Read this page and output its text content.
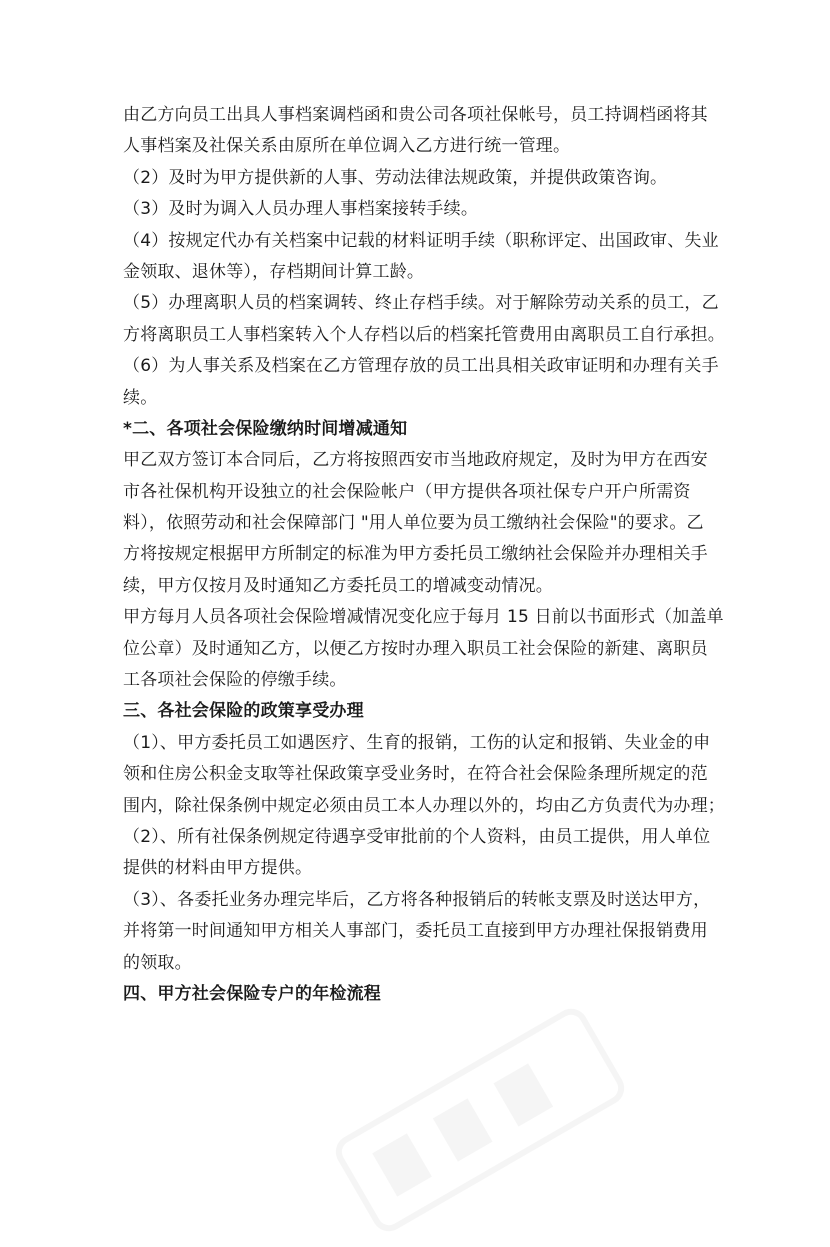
由乙方向员工出具人事档案调档函和贵公司各项社保帐号，员工持调档函将其
人事档案及社保关系由原所在单位调入乙方进行统一管理。
（2）及时为甲方提供新的人事、劳动法律法规政策，并提供政策咨询。
（3）及时为调入人员办理人事档案接转手续。
（4）按规定代办有关档案中记载的材料证明手续（职称评定、出国政审、失业
金领取、退休等），存档期间计算工龄。
（5）办理离职人员的档案调转、终止存档手续。对于解除劳动关系的员工，乙
方将离职员工人事档案转入个人存档以后的档案托管费用由离职员工自行承担。
（6）为人事关系及档案在乙方管理存放的员工出具相关政审证明和办理有关手
续。
*二、各项社会保险缴纳时间增减通知
甲乙双方签订本合同后，乙方将按照西安市当地政府规定，及时为甲方在西安
市各社保机构开设独立的社会保险帐户（甲方提供各项社保专户开户所需资
料），依照劳动和社会保障部门 "用人单位要为员工缴纳社会保险"的要求。乙
方将按规定根据甲方所制定的标准为甲方委托员工缴纳社会保险并办理相关手
续，甲方仅按月及时通知乙方委托员工的增减变动情况。
甲方每月人员各项社会保险增减情况变化应于每月 15 日前以书面形式（加盖单
位公章）及时通知乙方，以便乙方按时办理入职员工社会保险的新建、离职员
工各项社会保险的停缴手续。
三、各社会保险的政策享受办理
（1）、甲方委托员工如遇医疗、生育的报销，工伤的认定和报销、失业金的申
领和住房公积金支取等社保政策享受业务时，在符合社会保险条理所规定的范
围内，除社保条例中规定必须由员工本人办理以外的，均由乙方负责代为办理；
（2）、所有社保条例规定待遇享受审批前的个人资料，由员工提供，用人单位
提供的材料由甲方提供。
（3）、各委托业务办理完毕后，乙方将各种报销后的转帐支票及时送达甲方，
并将第一时间通知甲方相关人事部门，委托员工直接到甲方办理社保报销费用
的领取。
四、甲方社会保险专户的年检流程
